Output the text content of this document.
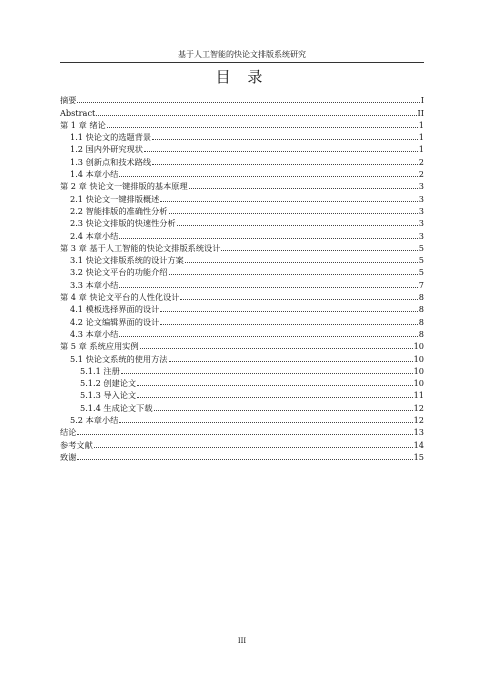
基于人工智能的快论文排版系统研究
目 录
摘要	I
Abstract	II
第 1 章 绪论	1
1.1 快论文的选题背景	1
1.2 国内外研究现状	1
1.3 创新点和技术路线	2
1.4 本章小结	2
第 2 章 快论文一键排版的基本原理	3
2.1 快论文一键排版概述	3
2.2 智能排版的准确性分析	3
2.3 快论文排版的快速性分析	3
2.4 本章小结	3
第 3 章 基于人工智能的快论文排版系统设计	5
3.1 快论文排版系统的设计方案	5
3.2 快论文平台的功能介绍	5
3.3 本章小结	7
第 4 章 快论文平台的人性化设计	8
4.1 模板选择界面的设计	8
4.2 论文编辑界面的设计	8
4.3 本章小结	8
第 5 章 系统应用实例	10
5.1 快论文系统的使用方法	10
5.1.1 注册	10
5.1.2 创建论文	10
5.1.3 导入论文	11
5.1.4 生成论文下载	12
5.2 本章小结	12
结论	13
参考文献	14
致谢	15
III
